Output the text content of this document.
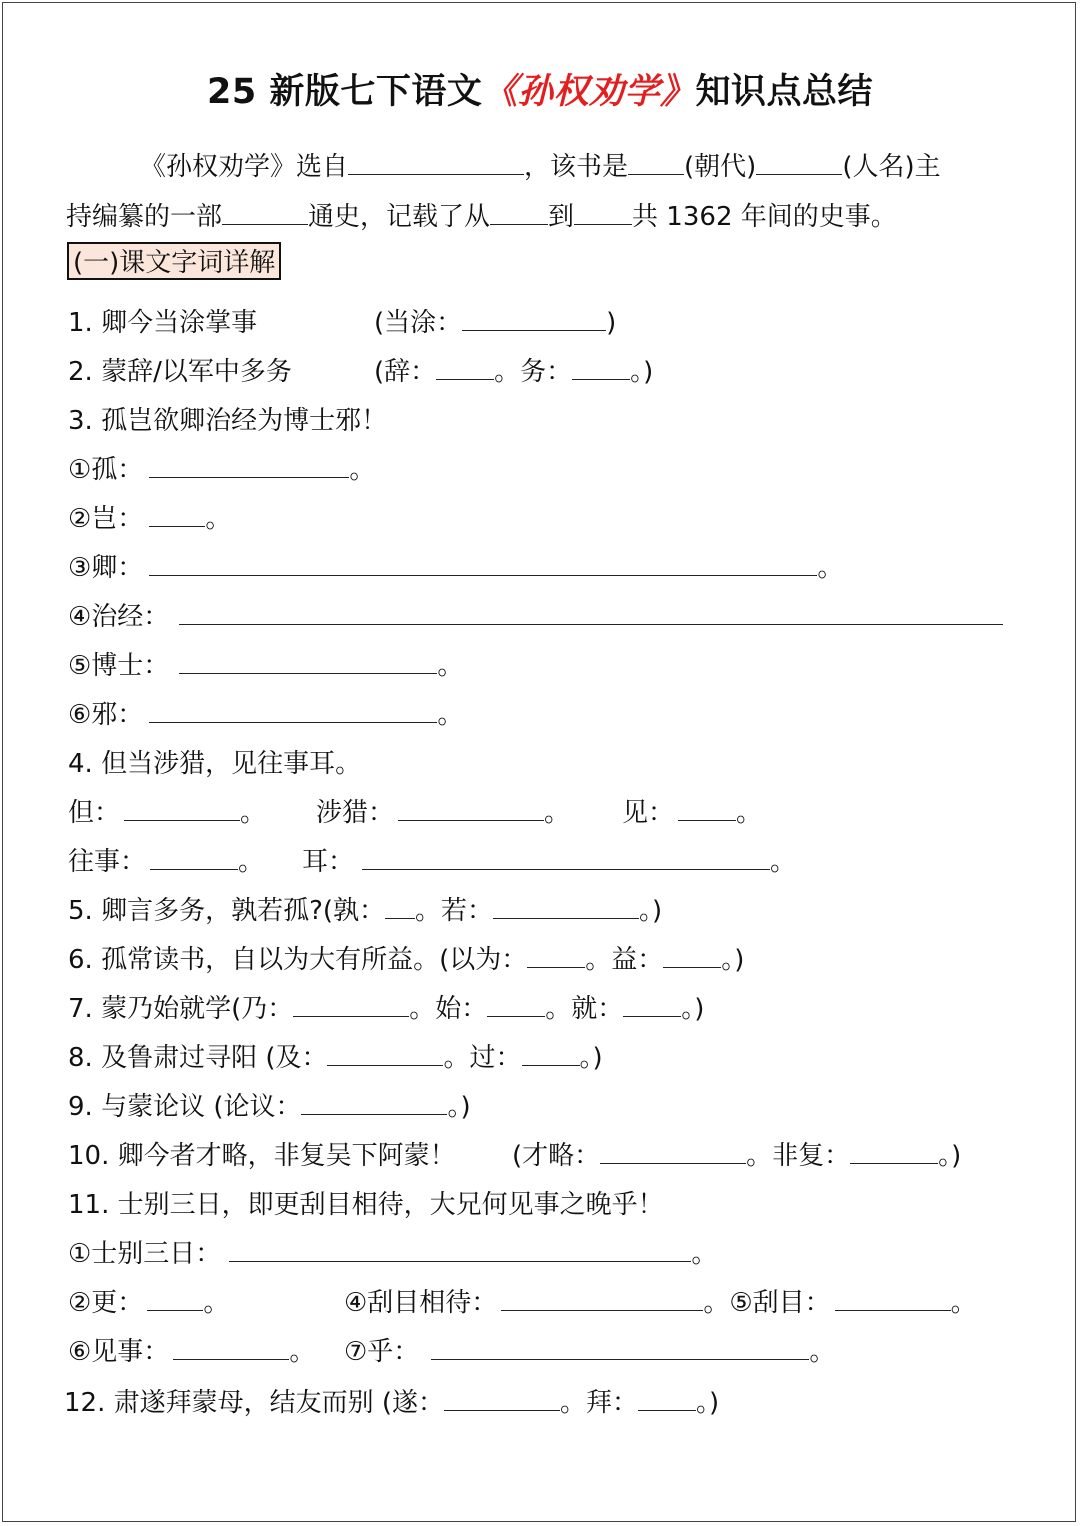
25 新版七下语文《孙权劝学》知识点总结
《孙权劝学》选自	，该书是 (朝代)	(人名)主
持编纂的一部	通史，记载了从 到 共 1362 年间的史事。
(一)课文字词详解
1. 卿今当涂掌事	(当涂：	)
2. 蒙辞/以军中多务	(辞： 。务： 。)
3. 孤岂欲卿治经为博士邪！
①孤：	。
②岂： 。
③卿：	。
④治经：
⑤博士：	。
⑥邪：	。
4. 但当涉猎，见往事耳。
但：	。 涉猎：	。 见： 。
往事：	。 耳：	。
5. 卿言多务，孰若孤?(孰： 。若：	。)
6. 孤常读书，自以为大有所益。(以为： 。益： 。)
7. 蒙乃始就学(乃：	。始： 。就： 。)
8. 及鲁肃过寻阳 (及：	。过： 。)
9. 与蒙论议 (论议：	。)
10. 卿今者才略，非复吴下阿蒙！ (才略：	。非复：	。)
11. 士别三日，即更刮目相待，大兄何见事之晚乎！
①士别三日：	。
②更： 。	④刮目相待：	。⑤刮目：	。
⑥见事：	。 ⑦乎：	。
12. 肃遂拜蒙母，结友而别 (遂：	。拜： 。)
